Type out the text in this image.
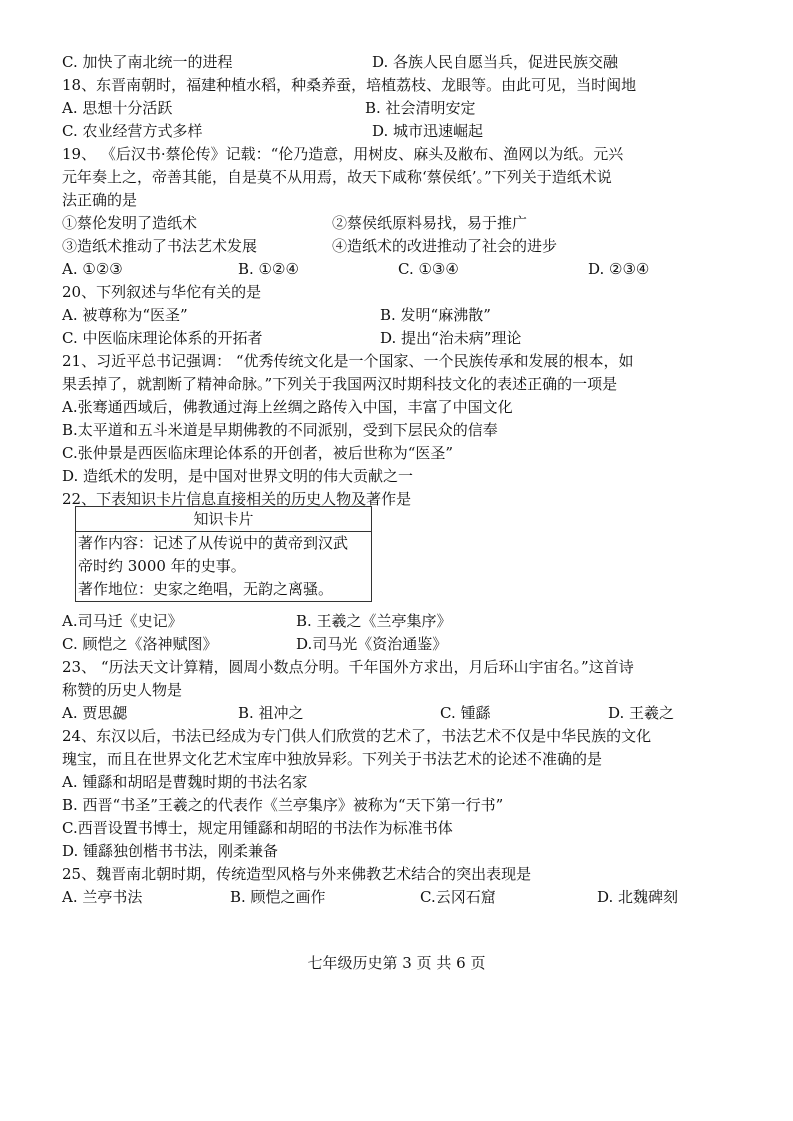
C. 加快了南北统一的进程	D. 各族人民自愿当兵，促进民族交融
18、东晋南朝时，福建种植水稻，种桑养蚕，培植荔枝、龙眼等。由此可见，当时闽地
A. 思想十分活跃	B. 社会清明安定
C. 农业经营方式多样	D. 城市迅速崛起
19、 《后汉书·蔡伦传》记载：“伦乃造意，用树皮、麻头及敝布、渔网以为纸。元兴
元年奏上之，帝善其能，自是莫不从用焉，故天下咸称‘蔡侯纸’。”下列关于造纸术说
法正确的是
①蔡伦发明了造纸术	②蔡侯纸原料易找，易于推广
③造纸术推动了书法艺术发展	④造纸术的改进推动了社会的进步
A. ①②③	B. ①②④	C. ①③④	D. ②③④
20、下列叙述与华佗有关的是
A. 被尊称为“医圣”	B. 发明“麻沸散”
C. 中医临床理论体系的开拓者	D. 提出“治未病”理论
21、习近平总书记强调： “优秀传统文化是一个国家、一个民族传承和发展的根本，如
果丢掉了，就割断了精神命脉。”下列关于我国两汉时期科技文化的表述正确的一项是
A.张骞通西域后，佛教通过海上丝绸之路传入中国，丰富了中国文化
B.太平道和五斗米道是早期佛教的不同派别，受到下层民众的信奉
C.张仲景是西医临床理论体系的开创者，被后世称为“医圣”
D. 造纸术的发明，是中国对世界文明的伟大贡献之一
22、下表知识卡片信息直接相关的历史人物及著作是
知识卡片
著作内容：记述了从传说中的黄帝到汉武
帝时约 3000 年的史事。
著作地位：史家之绝唱，无韵之离骚。
A.司马迁《史记》	B. 王羲之《兰亭集序》
C. 顾恺之《洛神赋图》	D.司马光《资治通鉴》
23、 “历法天文计算精，圆周小数点分明。千年国外方求出，月后环山宇宙名。”这首诗
称赞的历史人物是
A. 贾思勰	B. 祖冲之	C. 锺繇	D. 王羲之
24、东汉以后，书法已经成为专门供人们欣赏的艺术了，书法艺术不仅是中华民族的文化
瑰宝，而且在世界文化艺术宝库中独放异彩。下列关于书法艺术的论述不准确的是
A. 锺繇和胡昭是曹魏时期的书法名家
B. 西晋“书圣”王羲之的代表作《兰亭集序》被称为“天下第一行书”
C.西晋设置书博士，规定用锺繇和胡昭的书法作为标准书体
D. 锺繇独创楷书书法，刚柔兼备
25、魏晋南北朝时期，传统造型风格与外来佛教艺术结合的突出表现是
A. 兰亭书法	B. 顾恺之画作	C.云冈石窟	D. 北魏碑刻
七年级历史第 3 页 共 6 页
